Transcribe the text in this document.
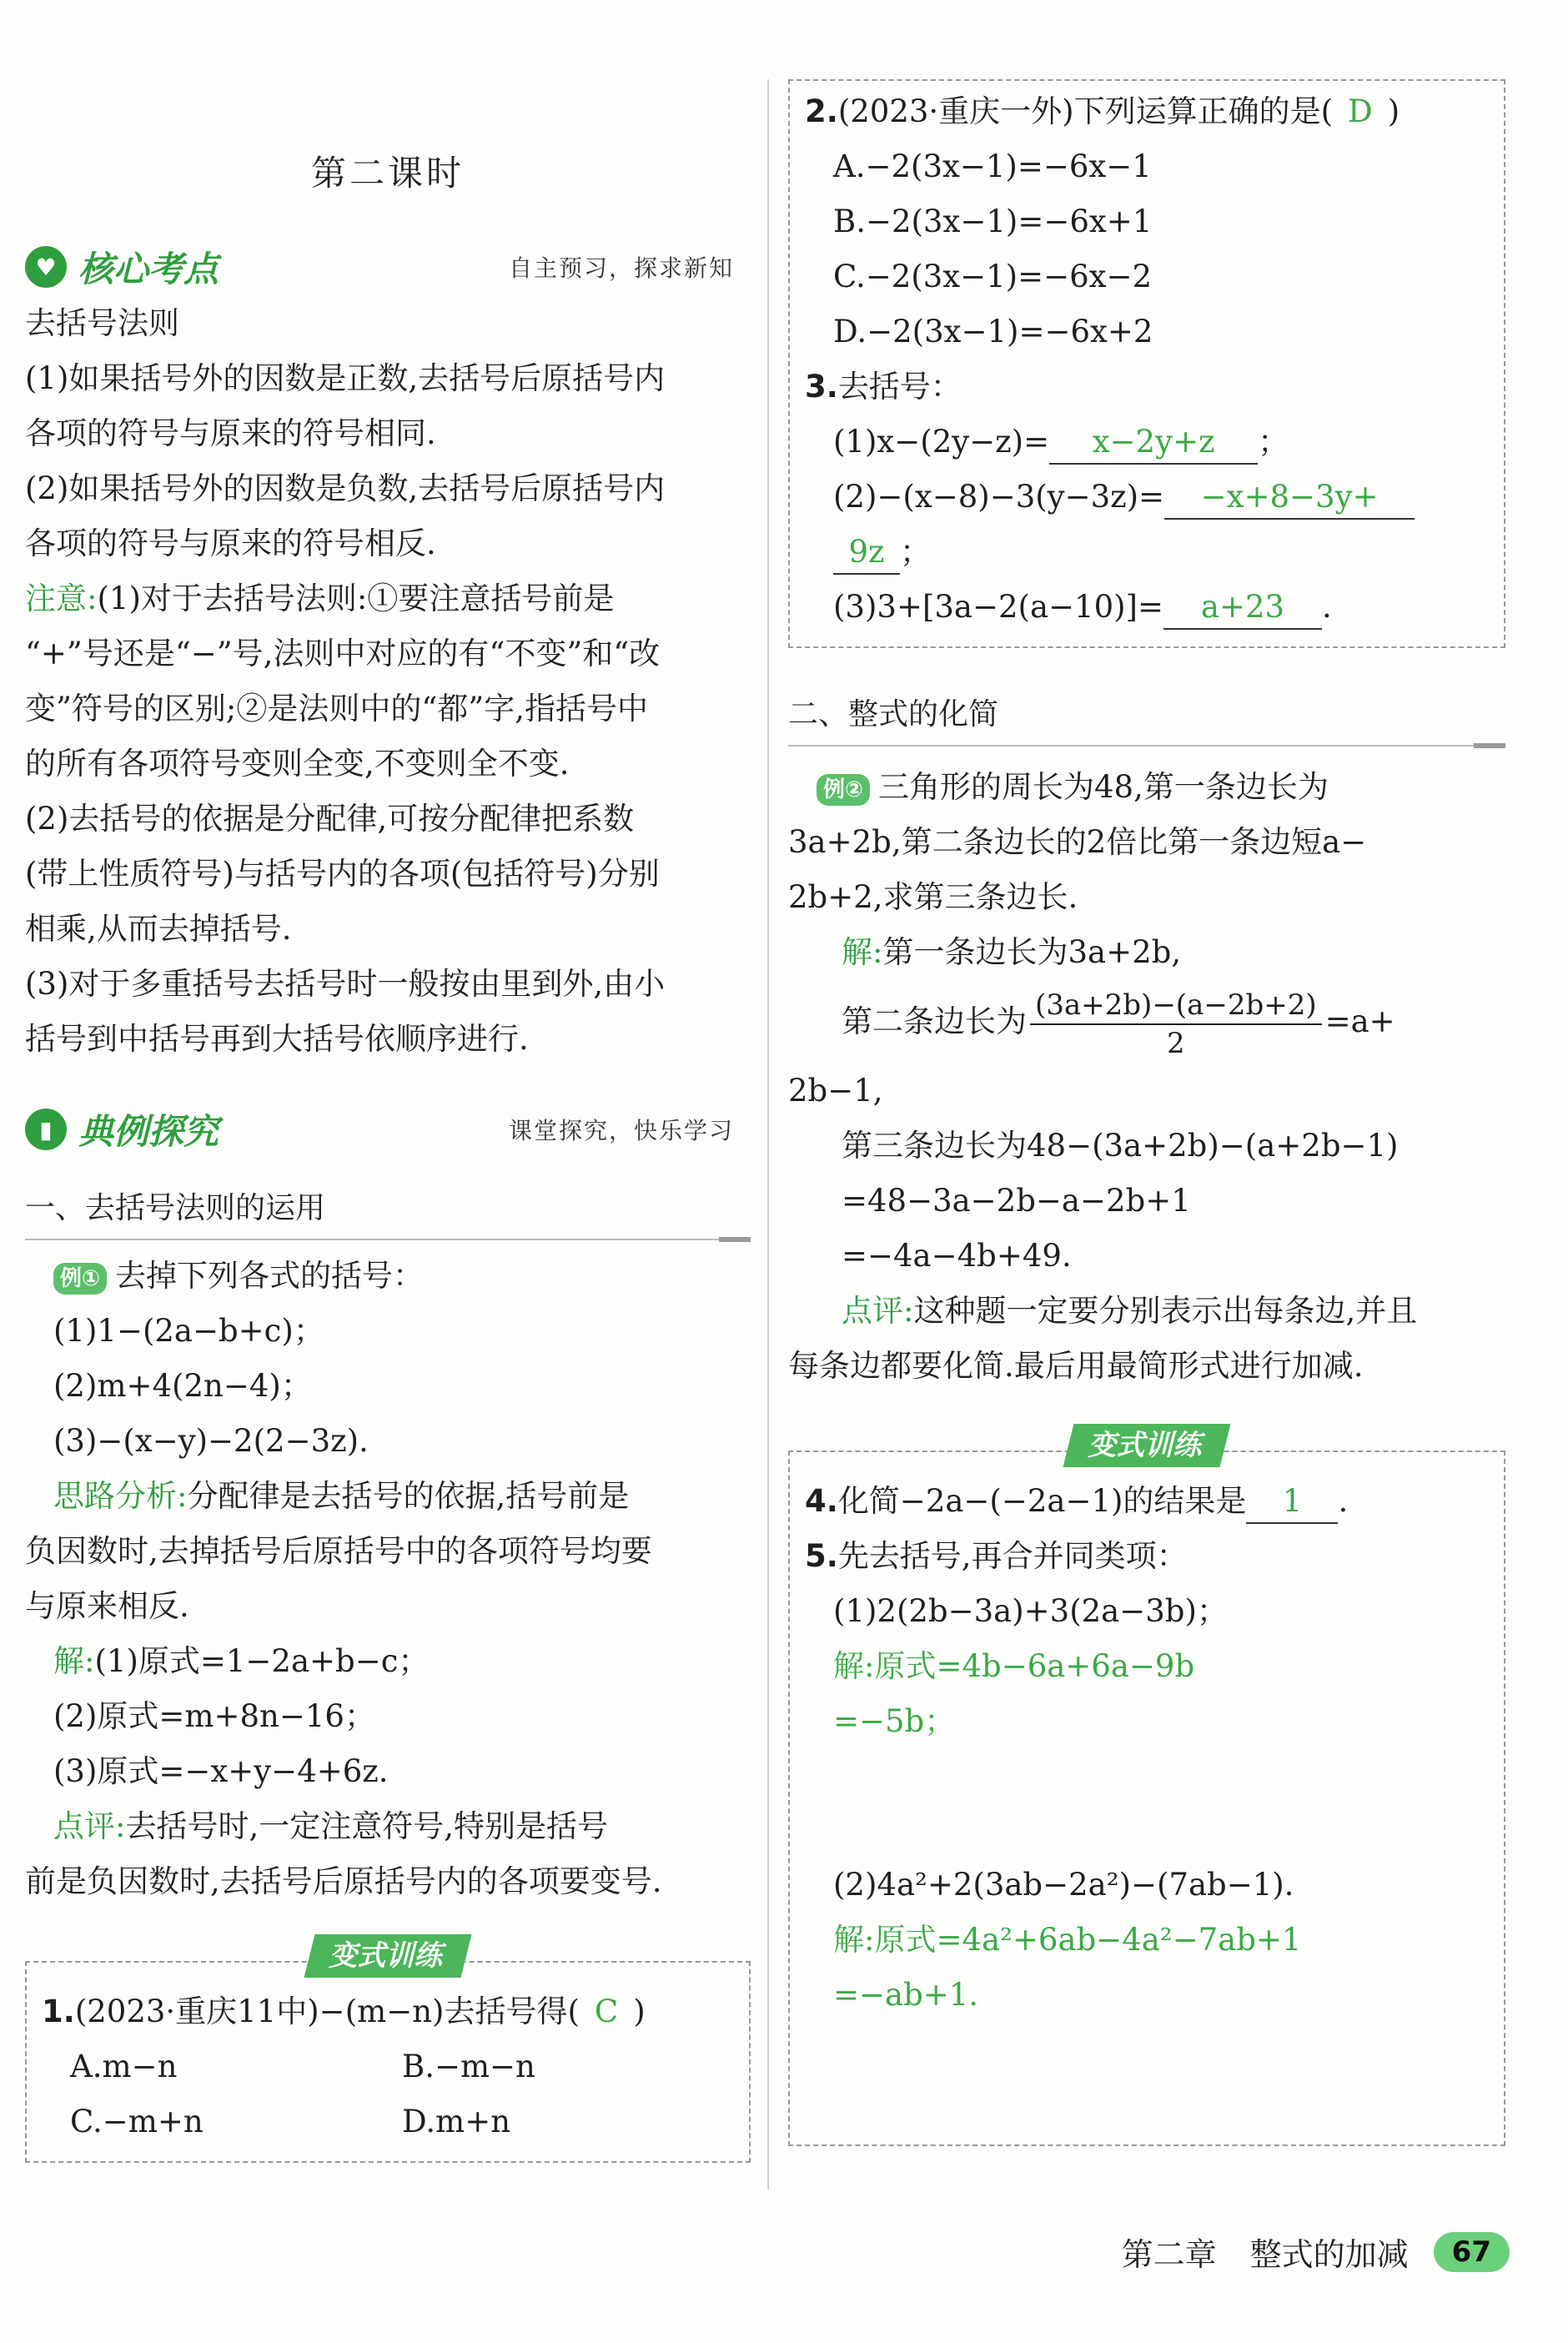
第二课时
♥ 核心考点	自主预习，探求新知
去括号法则
(1)如果括号外的因数是正数,去括号后原括号内
各项的符号与原来的符号相同.
(2)如果括号外的因数是负数,去括号后原括号内
各项的符号与原来的符号相反.
注意:(1)对于去括号法则:①要注意括号前是
“+”号还是“−”号,法则中对应的有“不变”和“改
变”符号的区别;②是法则中的“都”字,指括号中
的所有各项符号变则全变,不变则全不变.
(2)去括号的依据是分配律,可按分配律把系数
(带上性质符号)与括号内的各项(包括符号)分别
相乘,从而去掉括号.
(3)对于多重括号去括号时一般按由里到外,由小
括号到中括号再到大括号依顺序进行.
▮ 典例探究	课堂探究，快乐学习
一、去括号法则的运用
例① 去掉下列各式的括号：
(1)1−(2a−b+c)；
(2)m+4(2n−4)；
(3)−(x−y)−2(2−3z).
思路分析:分配律是去括号的依据,括号前是
负因数时,去掉括号后原括号中的各项符号均要
与原来相反.
解:(1)原式=1−2a+b−c；
(2)原式=m+8n−16；
(3)原式=−x+y−4+6z.
点评:去括号时,一定注意符号,特别是括号
前是负因数时,去括号后原括号内的各项要变号.
变式训练
1.(2023·重庆11中)−(m−n)去括号得( C )
A.m−n	B.−m−n
C.−m+n	D.m+n
2.(2023·重庆一外)下列运算正确的是( D )
A.−2(3x−1)=−6x−1
B.−2(3x−1)=−6x+1
C.−2(3x−1)=−6x−2
D.−2(3x−1)=−6x+2
3.去括号：
(1)x−(2y−z)= x−2y+z ；
(2)−(x−8)−3(y−3z)= −x+8−3y+
9z ；
(3)3+[3a−2(a−10)]= a+23 .
二、整式的化简
例② 三角形的周长为48,第一条边长为
3a+2b,第二条边长的2倍比第一条边短a−
2b+2,求第三条边长.
解:第一条边长为3a+2b,
第二条边长为 $\frac{(3a+2b)-(a-2b+2)}{2} =a+$
2b−1,
第三条边长为48−(3a+2b)−(a+2b−1)
=48−3a−2b−a−2b+1
=−4a−4b+49.
点评:这种题一定要分别表示出每条边,并且
每条边都要化简.最后用最简形式进行加减.
变式训练
4.化简−2a−(−2a−1)的结果是 1 .
5.先去括号,再合并同类项：
(1)2(2b−3a)+3(2a−3b)；
解:原式=4b−6a+6a−9b
=−5b；
(2)4a²+2(3ab−2a²)−(7ab−1).
解:原式=4a²+6ab−4a²−7ab+1
=−ab+1.
第二章 整式的加减	67
